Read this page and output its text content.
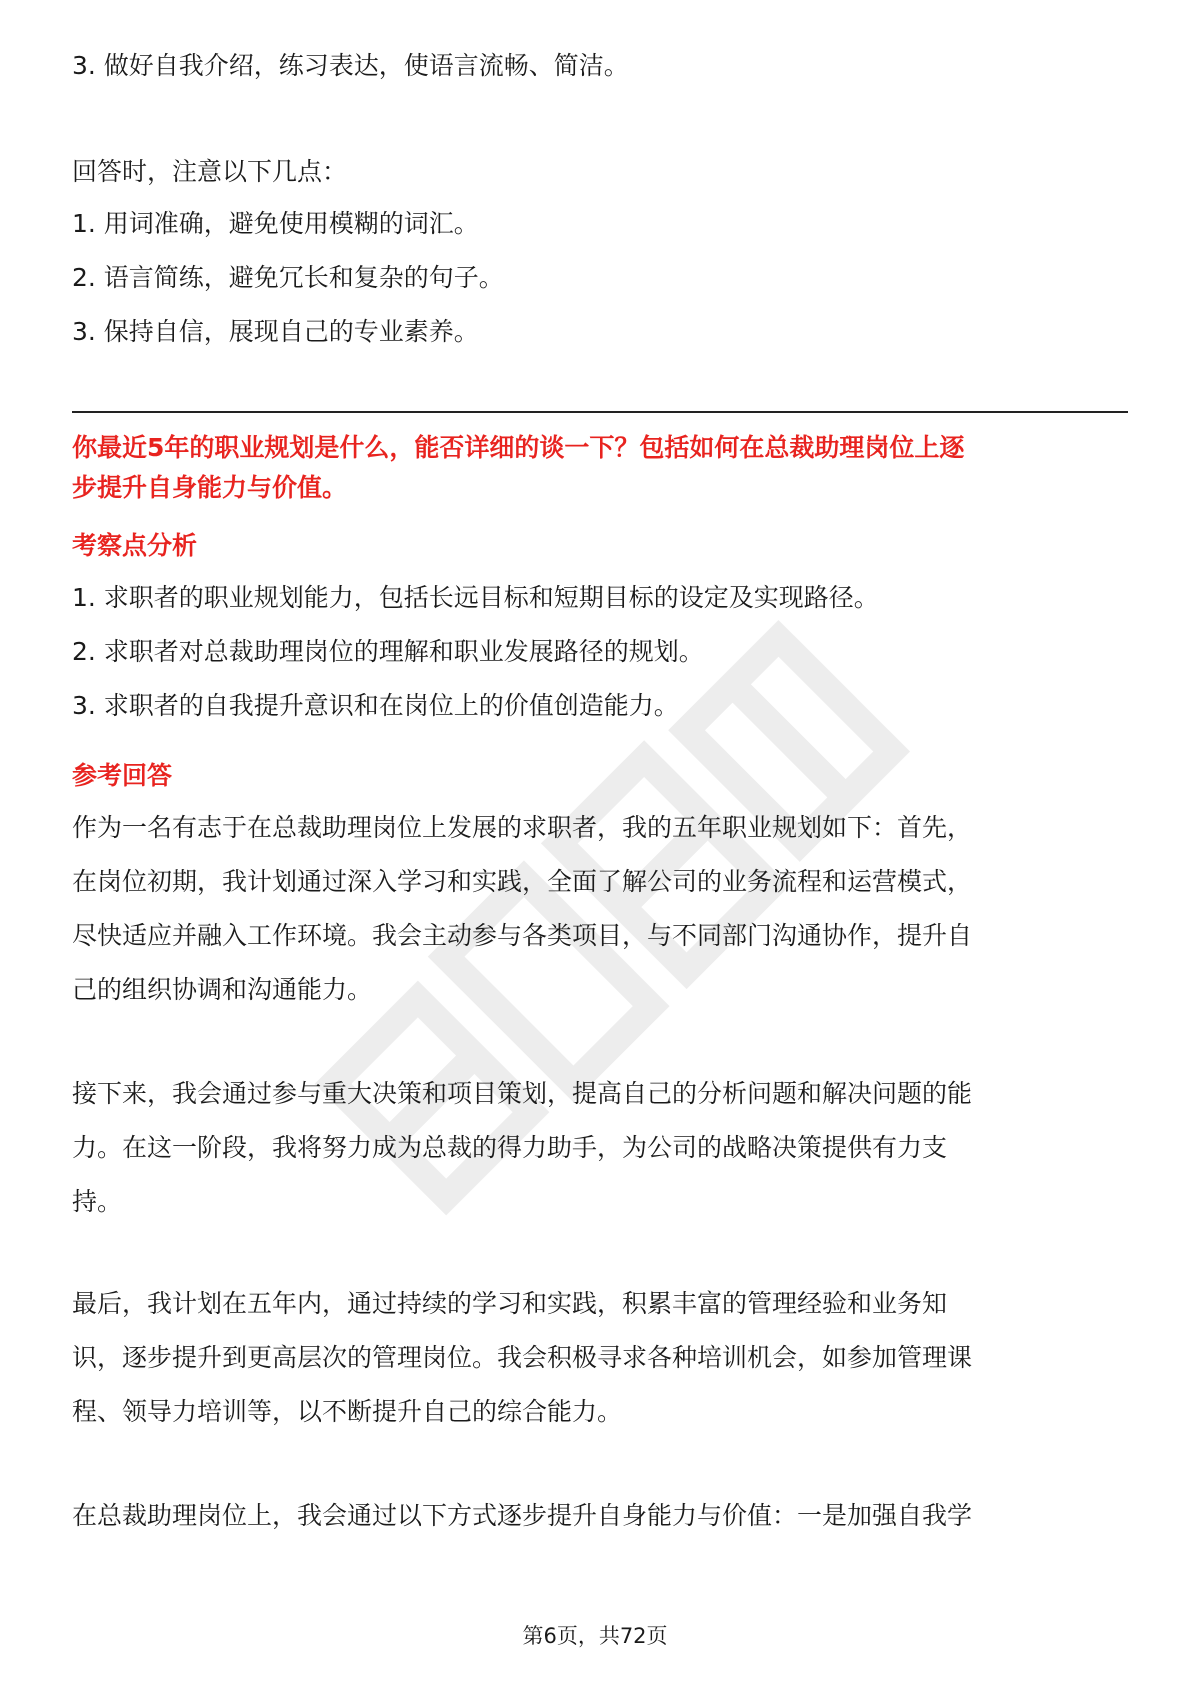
3. 做好自我介绍，练习表达，使语言流畅、简洁。
回答时，注意以下几点：
1. 用词准确，避免使用模糊的词汇。
2. 语言简练，避免冗长和复杂的句子。
3. 保持自信，展现自己的专业素养。
你最近5年的职业规划是什么，能否详细的谈一下？包括如何在总裁助理岗位上逐
步提升自身能力与价值。
考察点分析
1. 求职者的职业规划能力，包括长远目标和短期目标的设定及实现路径。
2. 求职者对总裁助理岗位的理解和职业发展路径的规划。
3. 求职者的自我提升意识和在岗位上的价值创造能力。
参考回答
作为一名有志于在总裁助理岗位上发展的求职者，我的五年职业规划如下：首先，
在岗位初期，我计划通过深入学习和实践，全面了解公司的业务流程和运营模式，
尽快适应并融入工作环境。我会主动参与各类项目，与不同部门沟通协作，提升自
己的组织协调和沟通能力。
接下来，我会通过参与重大决策和项目策划，提高自己的分析问题和解决问题的能
力。在这一阶段，我将努力成为总裁的得力助手，为公司的战略决策提供有力支
持。
最后，我计划在五年内，通过持续的学习和实践，积累丰富的管理经验和业务知
识，逐步提升到更高层次的管理岗位。我会积极寻求各种培训机会，如参加管理课
程、领导力培训等，以不断提升自己的综合能力。
在总裁助理岗位上，我会通过以下方式逐步提升自身能力与价值：一是加强自我学
第6页，共72页
